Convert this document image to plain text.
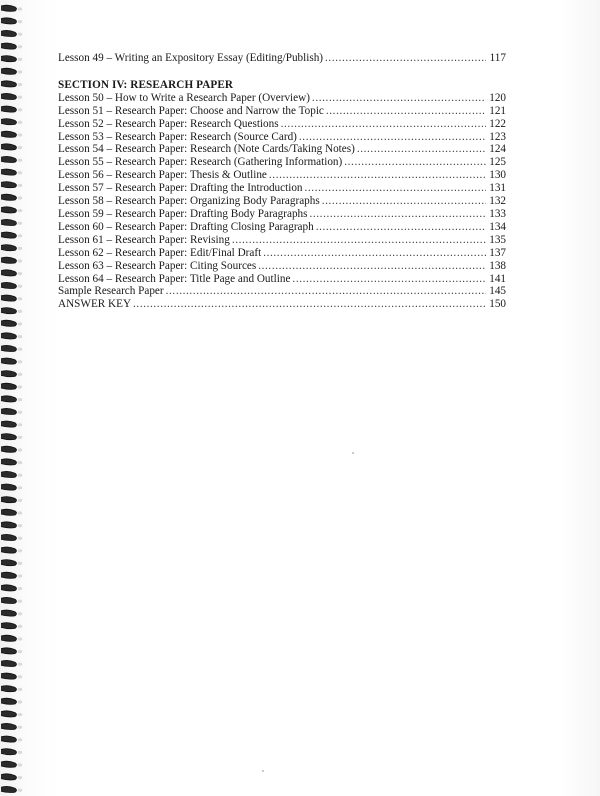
Lesson 49 – Writing an Expository Essay (Editing/Publish) .....	117
SECTION IV: RESEARCH PAPER
Lesson 50 – How to Write a Research Paper (Overview) .....	120
Lesson 51 – Research Paper: Choose and Narrow the Topic .....	121
Lesson 52 – Research Paper: Research Questions .....	122
Lesson 53 – Research Paper: Research (Source Card) .....	123
Lesson 54 – Research Paper: Research (Note Cards/Taking Notes) .....	124
Lesson 55 – Research Paper: Research (Gathering Information) .....	125
Lesson 56 – Research Paper: Thesis & Outline .....	130
Lesson 57 – Research Paper: Drafting the Introduction .....	131
Lesson 58 – Research Paper: Organizing Body Paragraphs .....	132
Lesson 59 – Research Paper: Drafting Body Paragraphs .....	133
Lesson 60 – Research Paper: Drafting Closing Paragraph .....	134
Lesson 61 – Research Paper: Revising .....	135
Lesson 62 – Research Paper: Edit/Final Draft .....	137
Lesson 63 – Research Paper: Citing Sources .....	138
Lesson 64 – Research Paper: Title Page and Outline .....	141
Sample Research Paper .....	145
ANSWER KEY .....	150
